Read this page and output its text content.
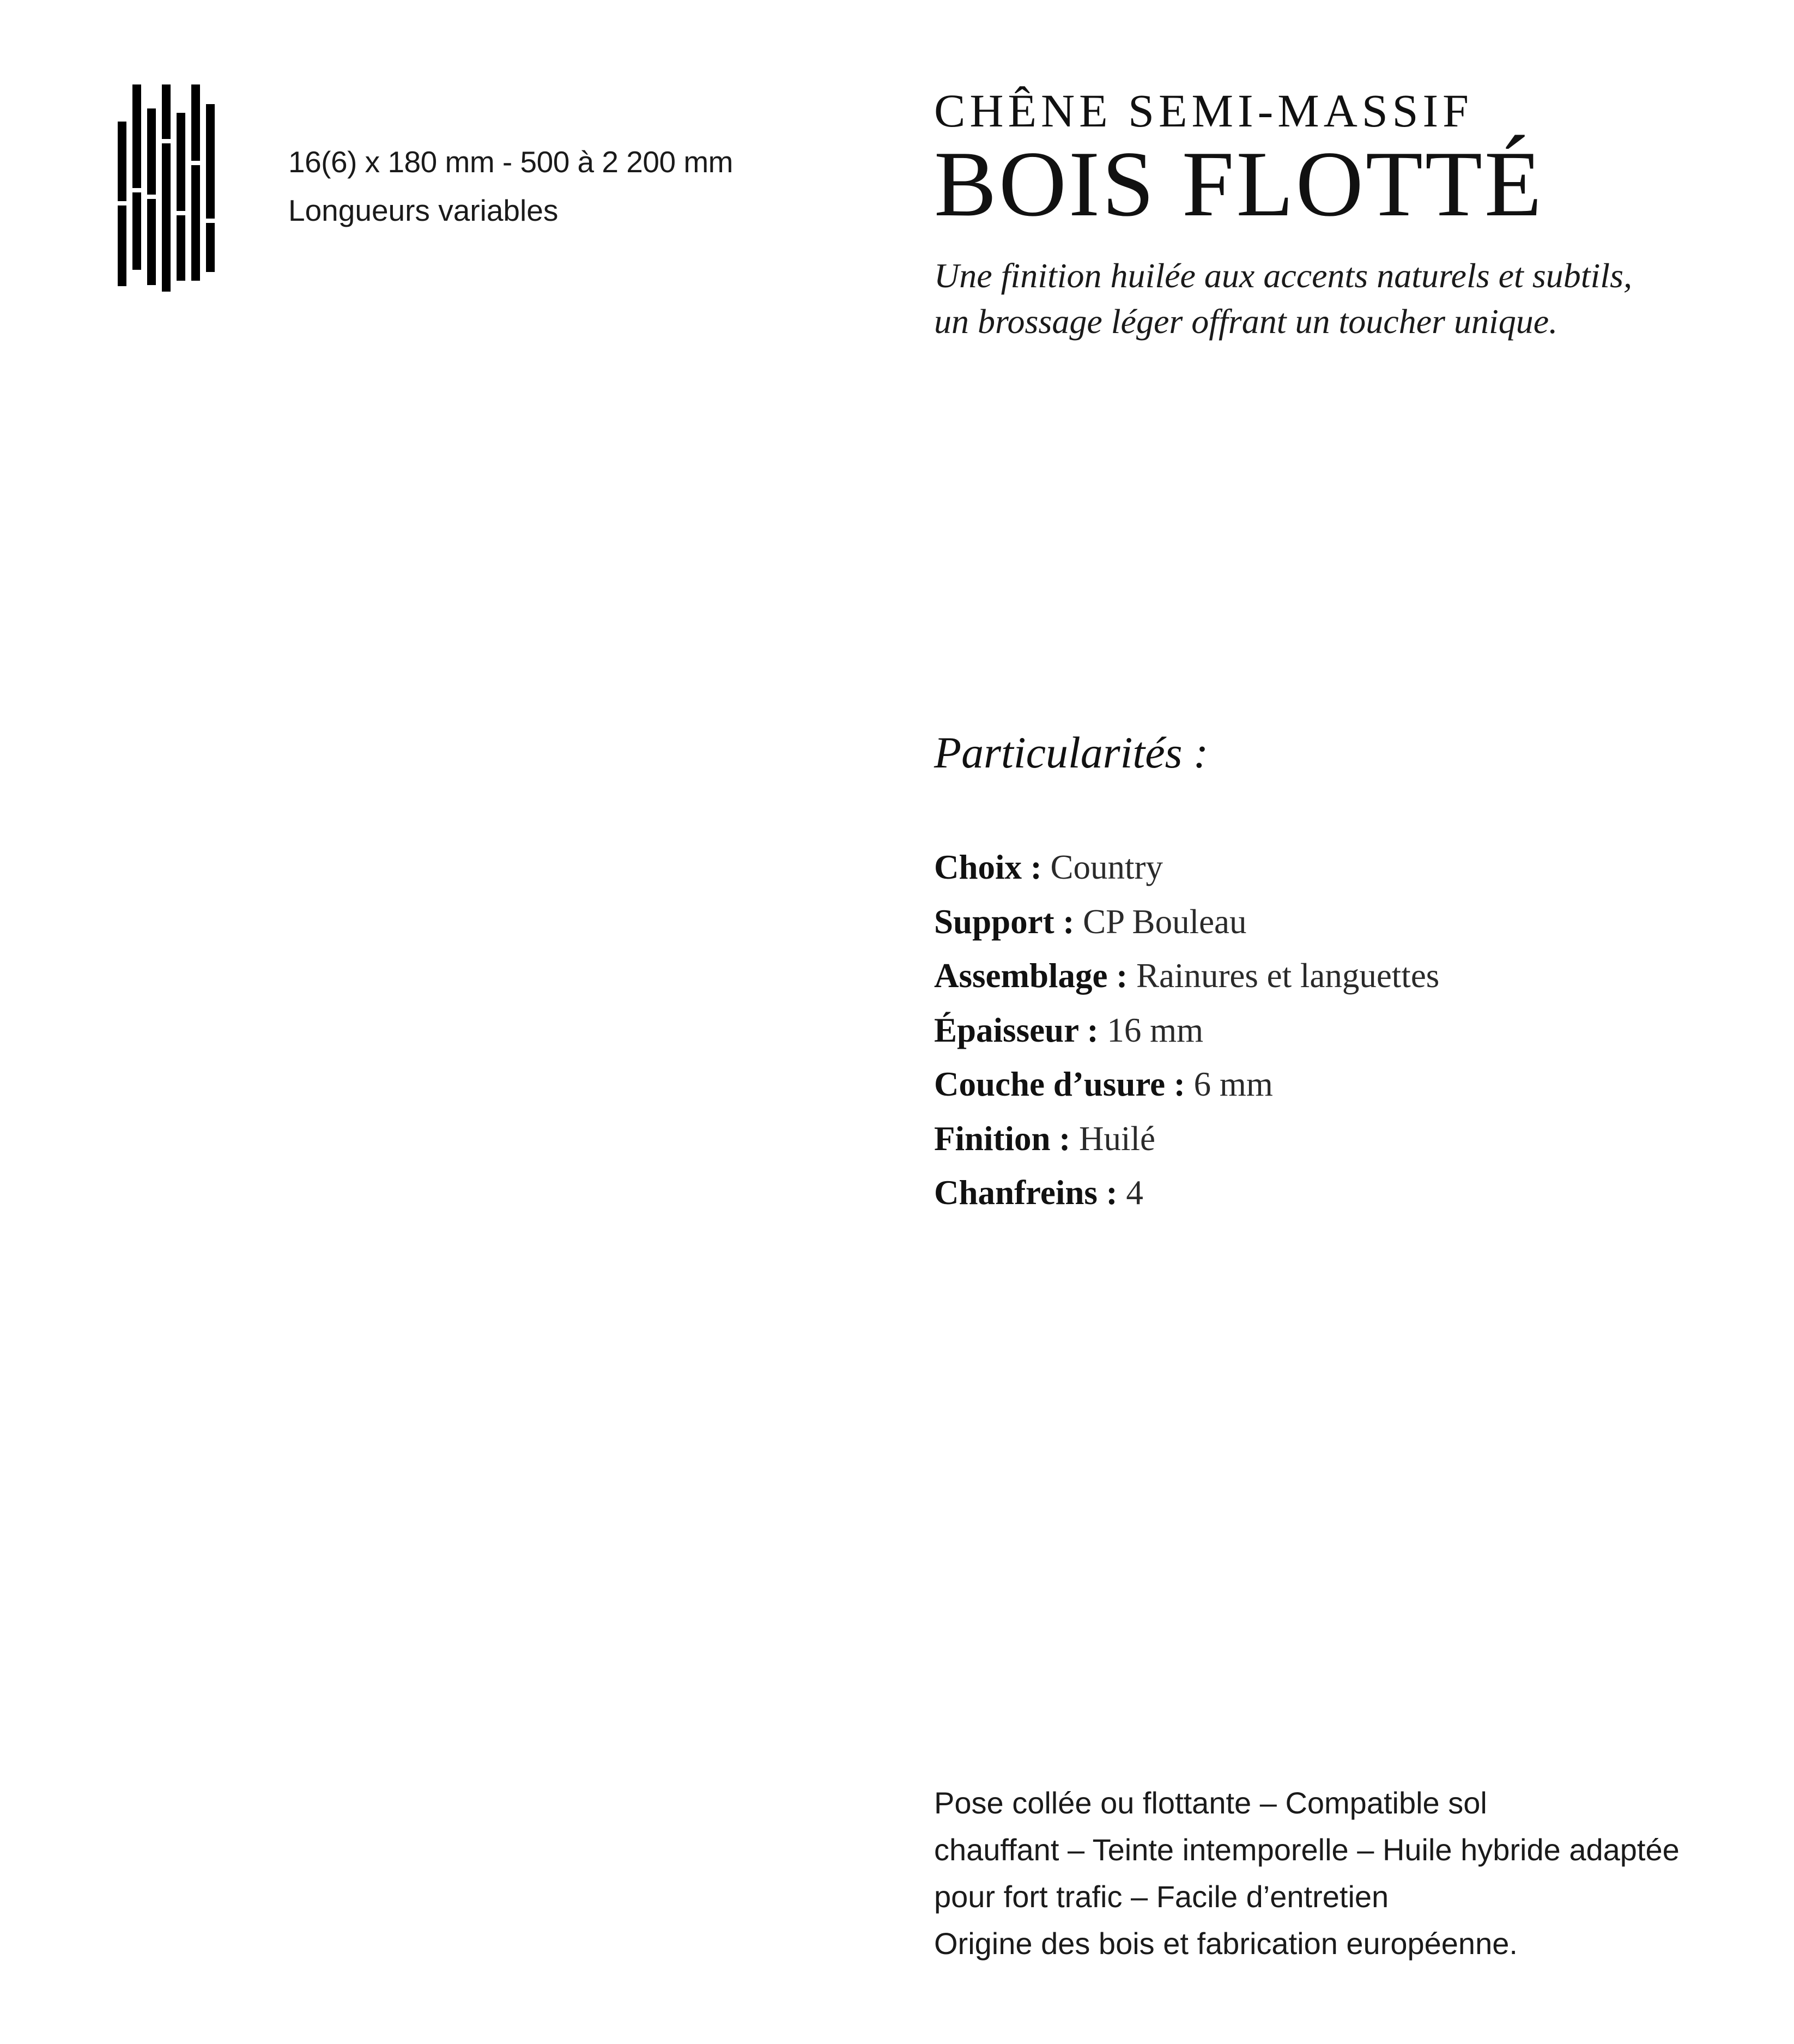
16(6) x 180 mm - 500 à 2 200 mm
Longueurs variables
CHÊNE SEMI-MASSIF
BOIS FLOTTÉ
Une finition huilée aux accents naturels et subtils,
un brossage léger offrant un toucher unique.
Particularités :
Choix : Country
Support : CP Bouleau
Assemblage : Rainures et languettes
Épaisseur : 16 mm
Couche d’usure : 6 mm
Finition : Huilé
Chanfreins : 4
Pose collée ou flottante – Compatible sol
chauffant – Teinte intemporelle – Huile hybride adaptée
pour fort trafic – Facile d’entretien
Origine des bois et fabrication européenne.
